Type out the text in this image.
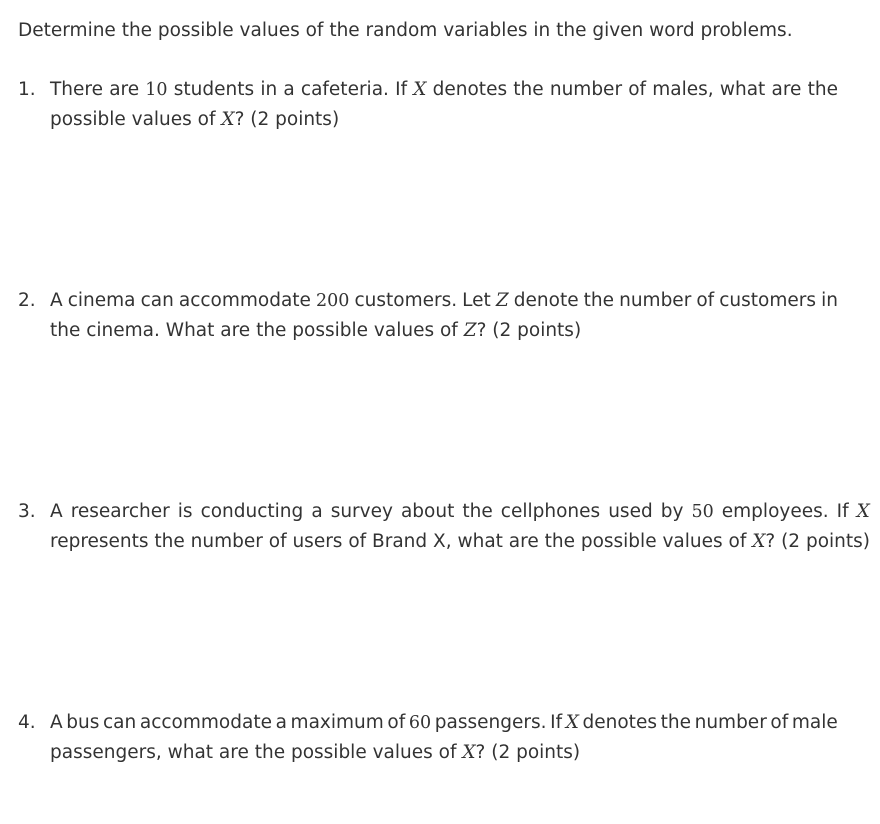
Determine the possible values of the random variables in the given word problems.

1. There are 10 students in a cafeteria. If X denotes the number of males, what are the
possible values of X? (2 points)
2. A cinema can accommodate 200 customers. Let Z denote the number of customers in
the cinema. What are the possible values of Z? (2 points)
3. A researcher is conducting a survey about the cellphones used by 50 employees. If X
represents the number of users of Brand X, what are the possible values of X? (2 points)
4. A bus can accommodate a maximum of 60 passengers. If X denotes the number of male
passengers, what are the possible values of X? (2 points)
